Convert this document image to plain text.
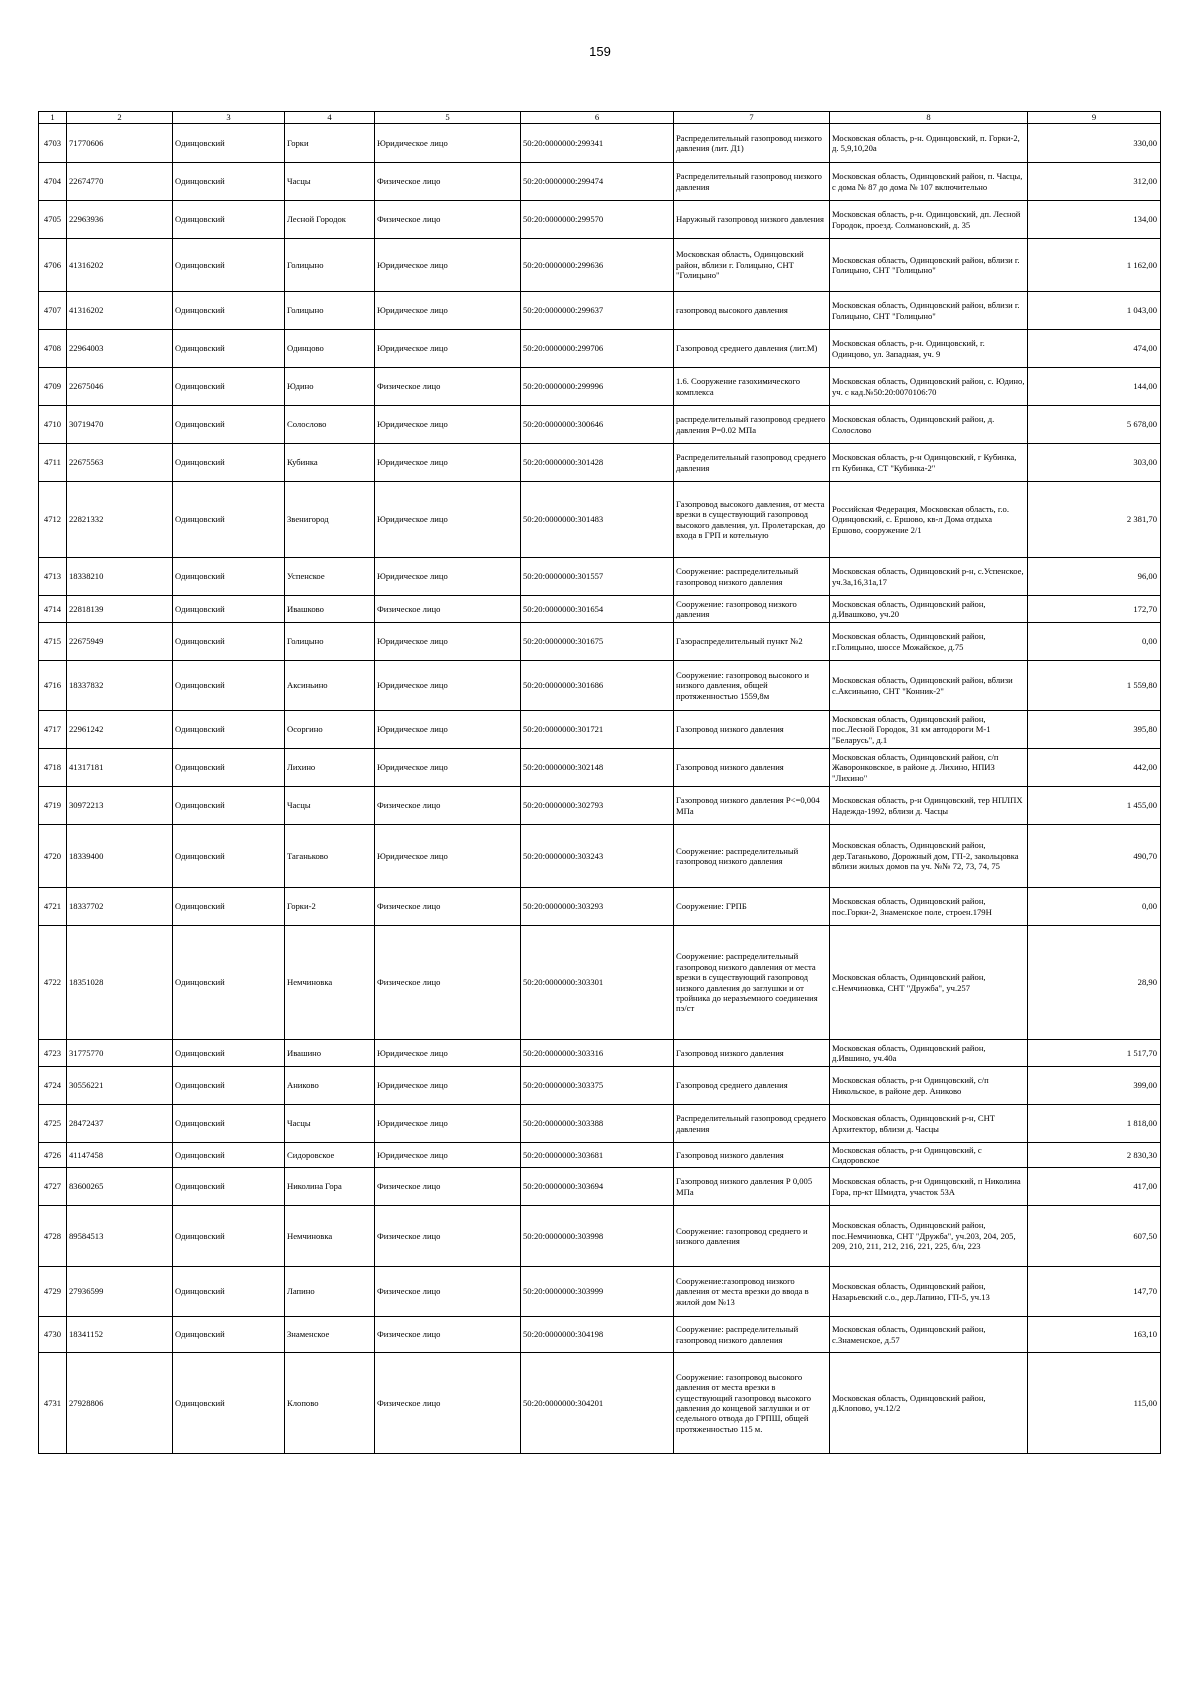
159
1	2	3	4	5	6	7	8	9
4703	71770606	Одинцовский	Горки	Юридическое лицо	50:20:0000000:299341	Распределительный газопровод низкого давления (лит. Д1)	Московская область, р-н. Одинцовский, п. Горки-2, д. 5,9,10,20а	330,00
4704	22674770	Одинцовский	Часцы	Физическое лицо	50:20:0000000:299474	Распределительный газопровод низкого давления	Московская область, Одинцовский район, п. Часцы, с дома № 87 до дома № 107 включительно	312,00
4705	22963936	Одинцовский	Лесной Городок	Физическое лицо	50:20:0000000:299570	Наружный газопровод низкого давления	Московская область, р-н. Одинцовский, дп. Лесной Городок, проезд. Солмановский, д. 35	134,00
4706	41316202	Одинцовский	Голицыно	Юридическое лицо	50:20:0000000:299636	Московская область, Одинцовский район, вблизи г. Голицыно, СНТ "Голицыно"	Московская область, Одинцовский район, вблизи г. Голицыно, СНТ "Голицыно"	1 162,00
4707	41316202	Одинцовский	Голицыно	Юридическое лицо	50:20:0000000:299637	газопровод высокого давления	Московская область, Одинцовский район, вблизи г. Голицыно, СНТ "Голицыно"	1 043,00
4708	22964003	Одинцовский	Одинцово	Юридическое лицо	50:20:0000000:299706	Газопровод среднего давления (лит.М)	Московская область, р-н. Одинцовский, г. Одинцово, ул. Западная, уч. 9	474,00
4709	22675046	Одинцовский	Юдино	Физическое лицо	50:20:0000000:299996	1.6. Сооружение газохимического комплекса	Московская область, Одинцовский район, с. Юдино, уч. с кад.№50:20:0070106:70	144,00
4710	30719470	Одинцовский	Солослово	Юридическое лицо	50:20:0000000:300646	распределительный газопровод среднего давления Р=0.02 МПа	Московская область, Одинцовский район, д. Солослово	5 678,00
4711	22675563	Одинцовский	Кубинка	Юридическое лицо	50:20:0000000:301428	Распределительный газопровод среднего давления	Московская область, р-н Одинцовский, г Кубинка, гп Кубинка, СТ "Кубинка-2"	303,00
4712	22821332	Одинцовский	Звенигород	Юридическое лицо	50:20:0000000:301483	Газопровод высокого давления, от места врезки в существующий газопровод высокого давления, ул. Пролетарская, до входа в ГРП и котельную	Российская Федерация, Московская область, г.о. Одинцовский, с. Ершово, кв-л Дома отдыха Ершово, сооружение 2/1	2 381,70
4713	18338210	Одинцовский	Успенское	Юридическое лицо	50:20:0000000:301557	Сооружение: распределительный газопровод низкого давления	Московская область, Одинцовский р-н, с.Успенское, уч.3а,16,31а,17	96,00
4714	22818139	Одинцовский	Ивашково	Физическое лицо	50:20:0000000:301654	Сооружение: газопровод низкого давления	Московская область, Одинцовский район, д.Ивашково, уч.20	172,70
4715	22675949	Одинцовский	Голицыно	Юридическое лицо	50:20:0000000:301675	Газораспределительный пункт №2	Московская область, Одинцовский район, г.Голицыно, шоссе Можайское, д.75	0,00
4716	18337832	Одинцовский	Аксиньино	Юридическое лицо	50:20:0000000:301686	Сооружение: газопровод высокого и низкого давления, общей протяженностью 1559,8м	Московская область, Одинцовский район, вблизи с.Аксиньино, СНТ "Конник-2"	1 559,80
4717	22961242	Одинцовский	Осоргино	Юридическое лицо	50:20:0000000:301721	Газопровод низкого давления	Московская область, Одинцовский район, пос.Лесной Городок, 31 км автодороги М-1 "Беларусь", д.1	395,80
4718	41317181	Одинцовский	Лихино	Юридическое лицо	50:20:0000000:302148	Газопровод низкого давления	Московская область, Одинцовский район, с/п Жаворонковское, в районе д. Лихино, НПИЗ "Лихино"	442,00
4719	30972213	Одинцовский	Часцы	Физическое лицо	50:20:0000000:302793	Газопровод низкого давления Р<=0,004 МПа	Московская область, р-н Одинцовский, тер НПЛПХ Надежда-1992, вблизи д. Часцы	1 455,00
4720	18339400	Одинцовский	Таганьково	Юридическое лицо	50:20:0000000:303243	Сооружение: распределительный газопровод низкого давления	Московская область, Одинцовский район, дер.Таганьково, Дорожный дом, ГП-2, закольцовка вблизи жилых домов па уч. №№ 72, 73, 74, 75	490,70
4721	18337702	Одинцовский	Горки-2	Физическое лицо	50:20:0000000:303293	Сооружение: ГРПБ	Московская область, Одинцовский район, пос.Горки-2, Знаменское поле, строен.179Н	0,00
4722	18351028	Одинцовский	Немчиновка	Физическое лицо	50:20:0000000:303301	Сооружение: распределительный газопровод низкого давления от места врезки в существующий газопровод низкого давления до заглушки и от тройника до неразъемного соединения пэ/ст	Московская область, Одинцовский район, с.Немчиновка, СНТ "Дружба", уч.257	28,90
4723	31775770	Одинцовский	Ивашино	Юридическое лицо	50:20:0000000:303316	Газопровод низкого давления	Московская область, Одинцовский район, д.Ившино, уч.40а	1 517,70
4724	30556221	Одинцовский	Аниково	Юридическое лицо	50:20:0000000:303375	Газопровод среднего давления	Московская область, р-н Одинцовский, с/п Никольское, в районе дер. Аниково	399,00
4725	28472437	Одинцовский	Часцы	Юридическое лицо	50:20:0000000:303388	Распределительный газопровод среднего давления	Московская область, Одинцовский р-н, СНТ Архитектор, вблизи д. Часцы	1 818,00
4726	41147458	Одинцовский	Сидоровское	Юридическое лицо	50:20:0000000:303681	Газопровод низкого давления	Московская область, р-н Одинцовский, с Сидоровское	2 830,30
4727	83600265	Одинцовский	Николина Гора	Физическое лицо	50:20:0000000:303694	Газопровод низкого давления Р 0,005 МПа	Московская область, р-н Одинцовский, п Николина Гора, пр-кт Шмидта, участок 53А	417,00
4728	89584513	Одинцовский	Немчиновка	Физическое лицо	50:20:0000000:303998	Сооружение: газопровод среднего и низкого давления	Московская область, Одинцовский район, пос.Немчиновка, СНТ "Дружба", уч.203, 204, 205, 209, 210, 211, 212, 216, 221, 225, б/н, 223	607,50
4729	27936599	Одинцовский	Лапино	Физическое лицо	50:20:0000000:303999	Сооружение:газопровод низкого давления от места врезки до ввода в жилой дом №13	Московская область, Одинцовский район, Назарьевский с.о., дер.Лапино, ГП-5, уч.13	147,70
4730	18341152	Одинцовский	Знаменское	Физическое лицо	50:20:0000000:304198	Сооружение: распределительный газопровод низкого давления	Московская область, Одинцовский район, с.Знаменское, д.57	163,10
4731	27928806	Одинцовский	Клопово	Физическое лицо	50:20:0000000:304201	Сооружение: газопровод высокого давления от места врезки в существующий газопровод высокого давления до концевой заглушки и от седельного отвода до ГРПШ, общей протяженностью 115 м.	Московская область, Одинцовский район, д.Клопово, уч.12/2	115,00
